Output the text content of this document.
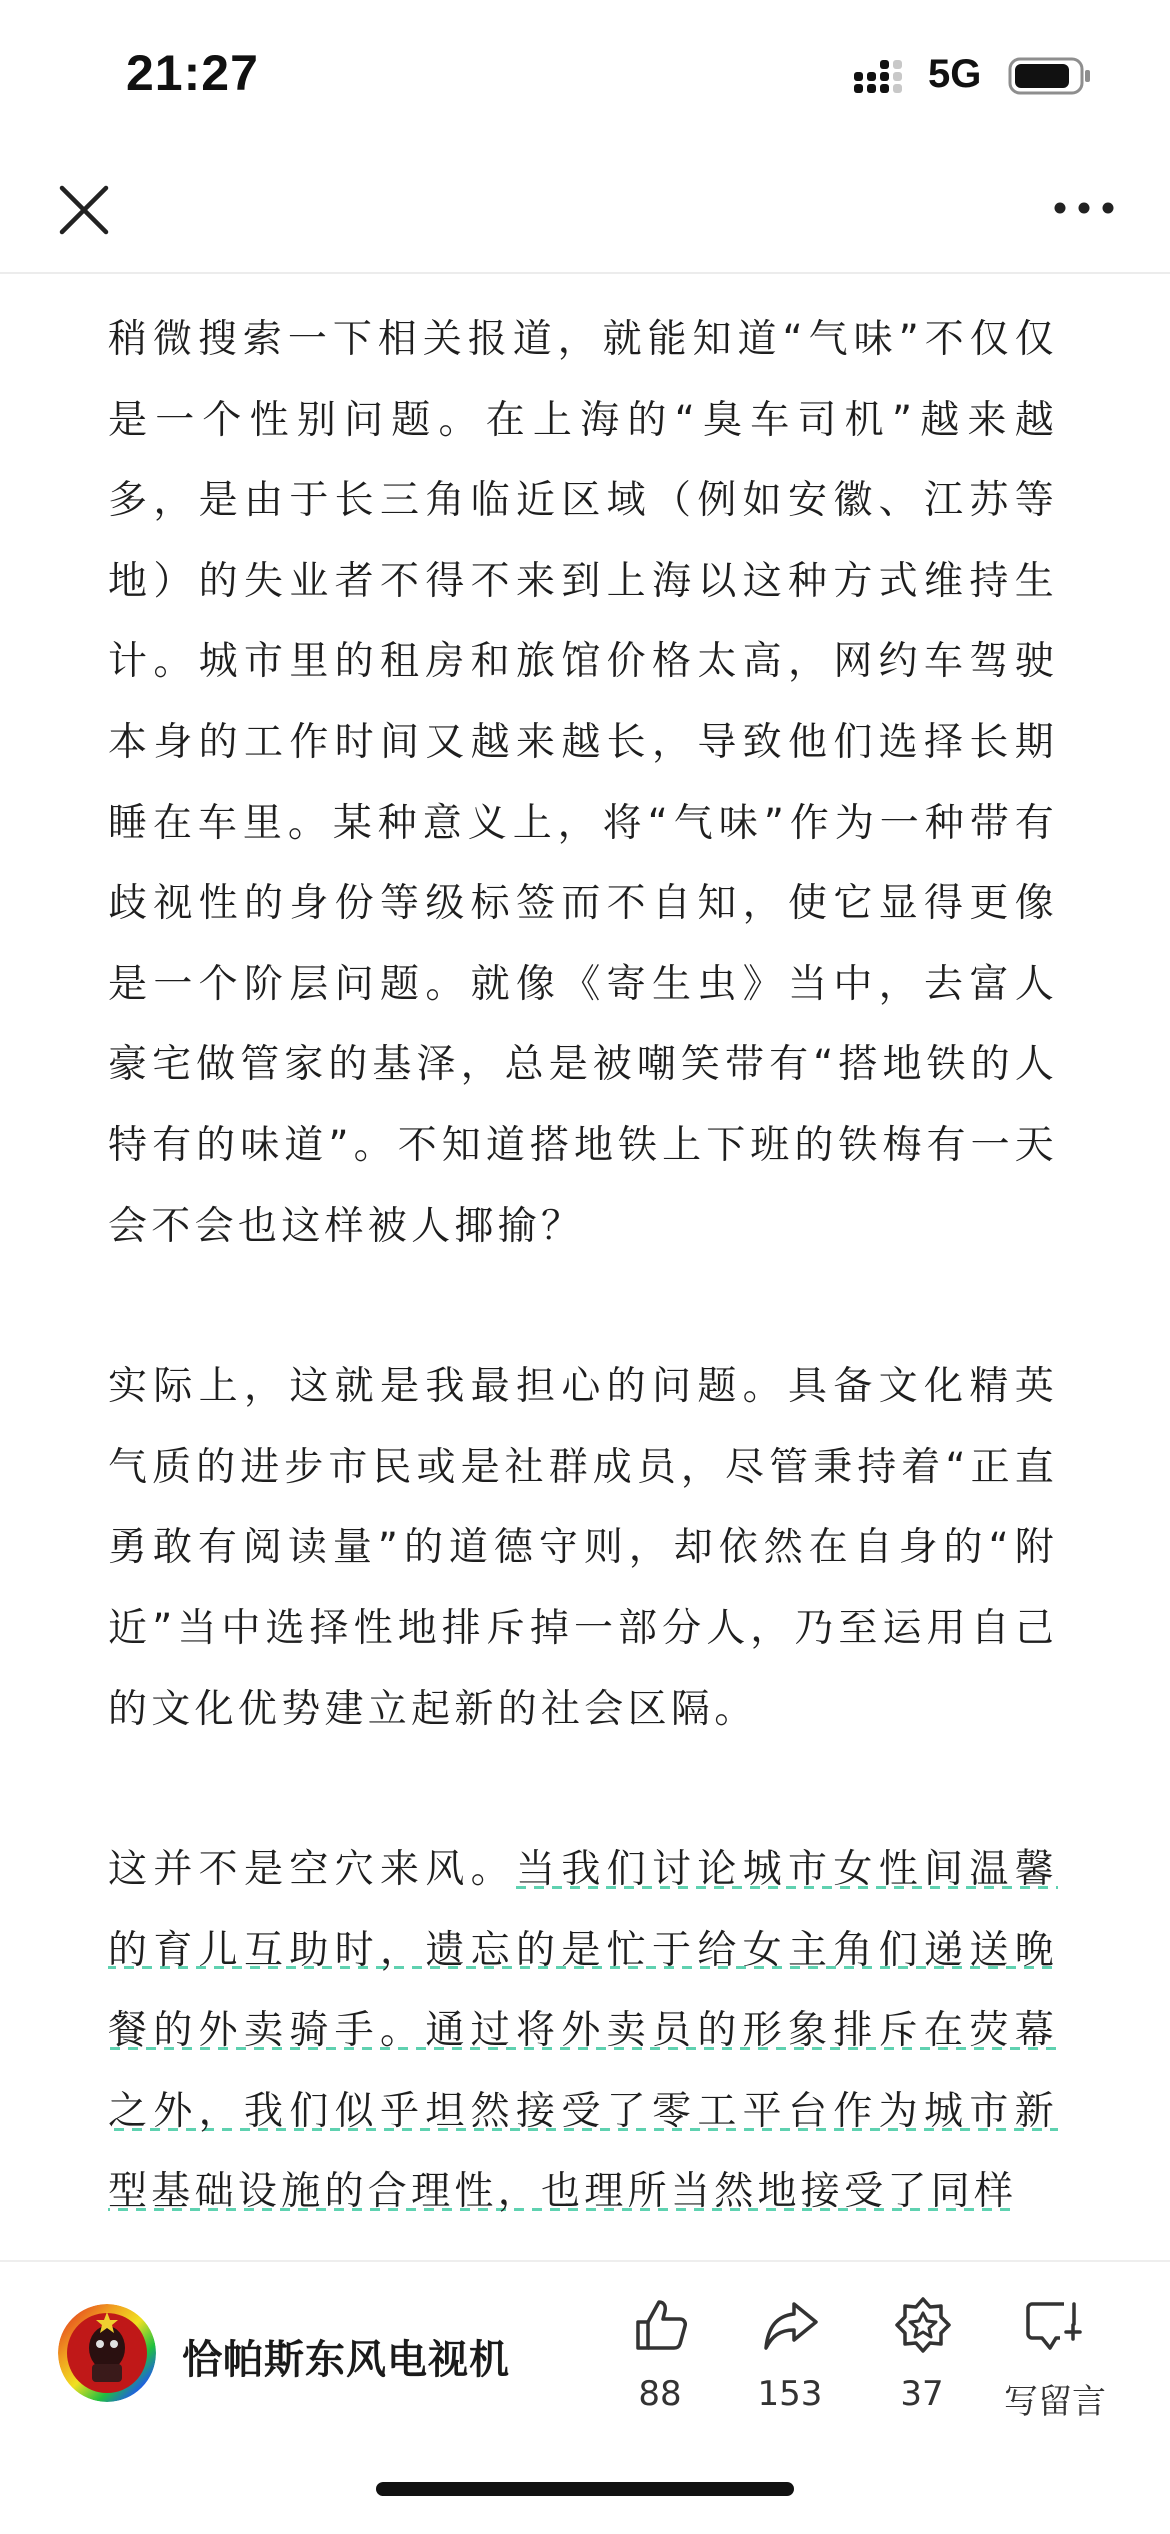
21:27	5G

稍微搜索一下相关报道，就能知道“气味”不仅仅是一个性别问题。在上海的“臭车司机”越来越多，是由于长三角临近区域（例如安徽、江苏等地）的失业者不得不来到上海以这种方式维持生计。城市里的租房和旅馆价格太高，网约车驾驶本身的工作时间又越来越长，导致他们选择长期睡在车里。某种意义上，将“气味”作为一种带有歧视性的身份等级标签而不自知，使它显得更像是一个阶层问题。就像《寄生虫》当中，去富人豪宅做管家的基泽，总是被嘲笑带有“搭地铁的人特有的味道”。不知道搭地铁上下班的铁梅有一天会不会也这样被人揶揄？

实际上，这就是我最担心的问题。具备文化精英气质的进步市民或是社群成员，尽管秉持着“正直勇敢有阅读量”的道德守则，却依然在自身的“附近”当中选择性地排斥掉一部分人，乃至运用自己的文化优势建立起新的社会区隔。

这并不是空穴来风。当我们讨论城市女性间温馨的育儿互助时，遗忘的是忙于给女主角们递送晚餐的外卖骑手。通过将外卖员的形象排斥在荧幕之外，我们似乎坦然接受了零工平台作为城市新型基础设施的合理性，也理所当然地接受了同样

恰帕斯东风电视机
88	153	37	写留言
